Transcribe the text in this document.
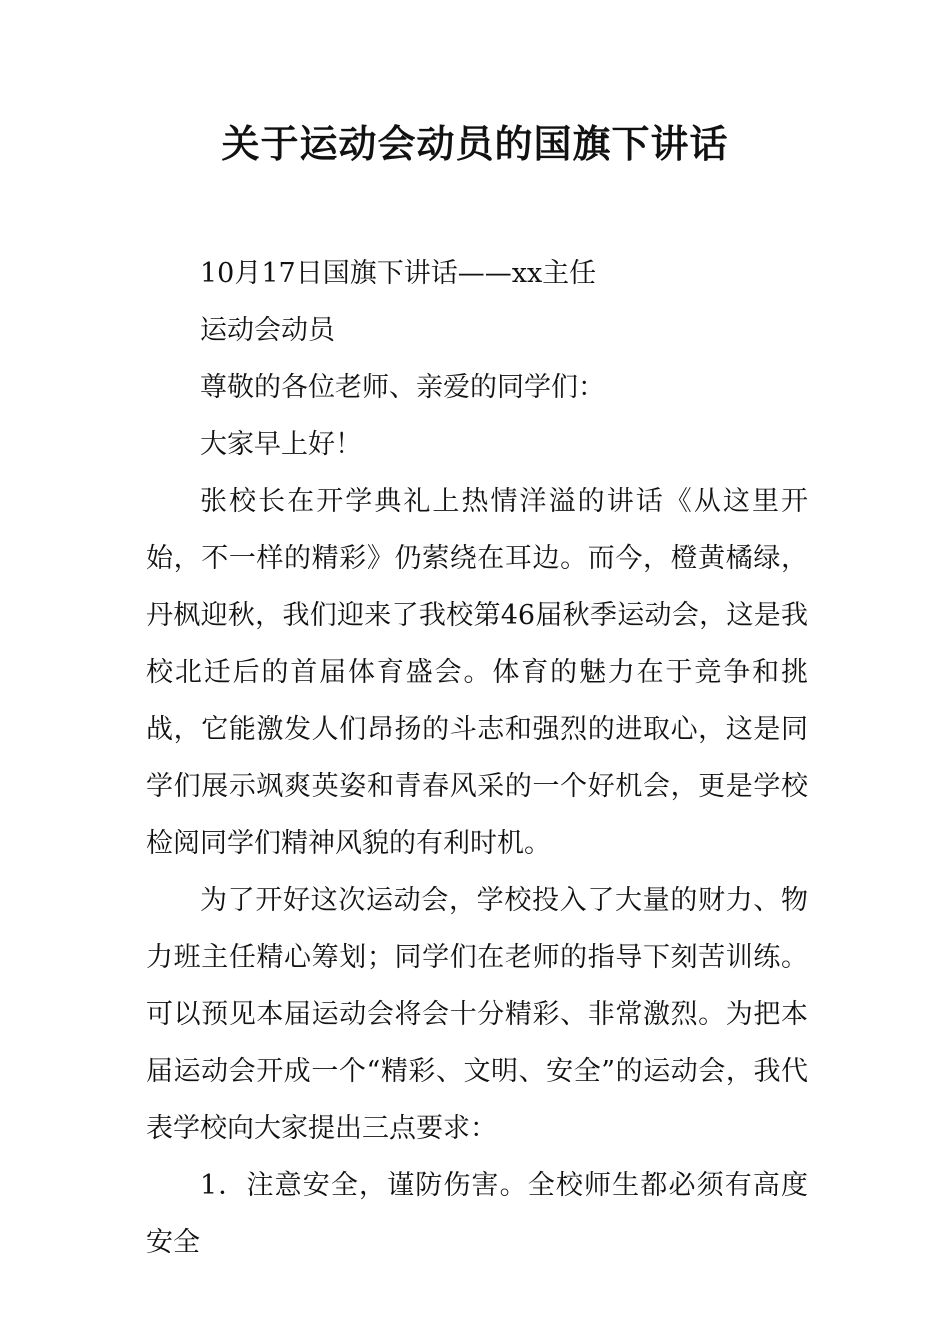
关于运动会动员的国旗下讲话

10月17日国旗下讲话——xx主任

运动会动员

尊敬的各位老师、亲爱的同学们：

大家早上好！

张校长在开学典礼上热情洋溢的讲话《从这里开始，不一样的精彩》仍萦绕在耳边。而今，橙黄橘绿，丹枫迎秋，我们迎来了我校第46届秋季运动会，这是我校北迁后的首届体育盛会。体育的魅力在于竞争和挑战，它能激发人们昂扬的斗志和强烈的进取心，这是同学们展示飒爽英姿和青春风采的一个好机会，更是学校检阅同学们精神风貌的有利时机。

为了开好这次运动会，学校投入了大量的财力、物力班主任精心筹划；同学们在老师的指导下刻苦训练。可以预见本届运动会将会十分精彩、非常激烈。为把本届运动会开成一个“精彩、文明、安全”的运动会，我代表学校向大家提出三点要求：

1．注意安全，谨防伤害。全校师生都必须有高度安全
